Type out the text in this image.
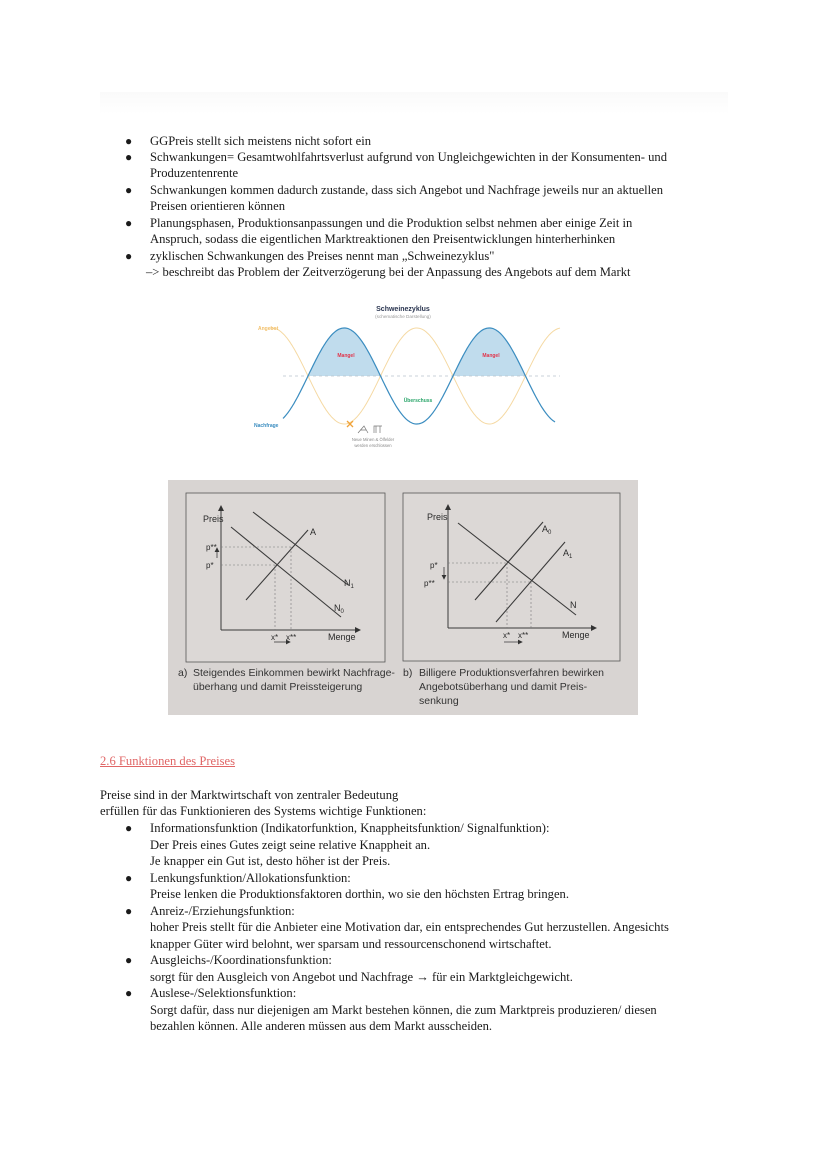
● GGPreis stellt sich meistens nicht sofort ein
● Schwankungen= Gesamtwohlfahrtsverlust aufgrund von Ungleichgewichten in der Konsumenten- und
Produzentenrente
● Schwankungen kommen dadurch zustande, dass sich Angebot und Nachfrage jeweils nur an aktuellen
Preisen orientieren können
● Planungsphasen, Produktionsanpassungen und die Produktion selbst nehmen aber einige Zeit in
Anspruch, sodass die eigentlichen Marktreaktionen den Preisentwicklungen hinterherhinken
● zyklischen Schwankungen des Preises nennt man „Schweinezyklus"
–> beschreibt das Problem der Zeitverzögerung bei der Anpassung des Angebots auf dem Markt
Schweinezyklus
(schematische Darstellung)
Angebot
Nachfrage
Mangel	Mangel
Überschuss
Neue Minen & Ölfelder
werden erschlossen
Preis
p**
p*
A
$N_1$
$N_0$
x* x**	Menge
Preis
p*
p**
$A_0$
$A_1$
N
x* x**	Menge
a) Steigendes Einkommen bewirkt Nachfrage-
überhang und damit Preissteigerung
b) Billigere Produktionsverfahren bewirken
Angebotsüberhang und damit Preis-
senkung
2.6 Funktionen des Preises
Preise sind in der Marktwirtschaft von zentraler Bedeutung
erfüllen für das Funktionieren des Systems wichtige Funktionen:
● Informationsfunktion (Indikatorfunktion, Knappheitsfunktion/ Signalfunktion):
Der Preis eines Gutes zeigt seine relative Knappheit an.
Je knapper ein Gut ist, desto höher ist der Preis.
● Lenkungsfunktion/Allokationsfunktion:
Preise lenken die Produktionsfaktoren dorthin, wo sie den höchsten Ertrag bringen.
● Anreiz-/Erziehungsfunktion:
hoher Preis stellt für die Anbieter eine Motivation dar, ein entsprechendes Gut herzustellen. Angesichts
knapper Güter wird belohnt, wer sparsam und ressourcenschonend wirtschaftet.
● Ausgleichs-/Koordinationsfunktion:
sorgt für den Ausgleich von Angebot und Nachfrage → für ein Marktgleichgewicht.
● Auslese-/Selektionsfunktion:
Sorgt dafür, dass nur diejenigen am Markt bestehen können, die zum Marktpreis produzieren/ diesen
bezahlen können. Alle anderen müssen aus dem Markt ausscheiden.
